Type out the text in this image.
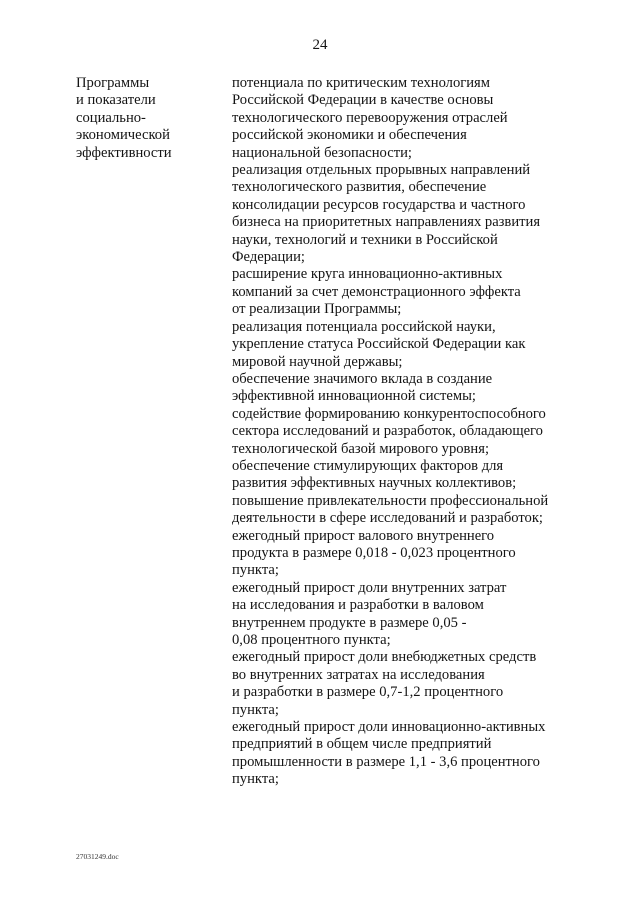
24
Программы
и показатели
социально-
экономической
эффективности
потенциала по критическим технологиям
Российской Федерации в качестве основы
технологического перевооружения отраслей
российской экономики и обеспечения
национальной безопасности;
реализация отдельных прорывных направлений
технологического развития, обеспечение
консолидации ресурсов государства и частного
бизнеса на приоритетных направлениях развития
науки, технологий и техники в Российской
Федерации;
расширение круга инновационно-активных
компаний за счет демонстрационного эффекта
от реализации Программы;
реализация потенциала российской науки,
укрепление статуса Российской Федерации как
мировой научной державы;
обеспечение значимого вклада в создание
эффективной инновационной системы;
содействие формированию конкурентоспособного
сектора исследований и разработок, обладающего
технологической базой мирового уровня;
обеспечение стимулирующих факторов для
развития эффективных научных коллективов;
повышение привлекательности профессиональной
деятельности в сфере исследований и разработок;
ежегодный прирост валового внутреннего
продукта в размере 0,018 - 0,023 процентного
пункта;
ежегодный прирост доли внутренних затрат
на исследования и разработки в валовом
внутреннем продукте в размере 0,05 -
0,08 процентного пункта;
ежегодный прирост доли внебюджетных средств
во внутренних затратах на исследования
и разработки в размере 0,7-1,2 процентного
пункта;
ежегодный прирост доли инновационно-активных
предприятий в общем числе предприятий
промышленности в размере 1,1 - 3,6 процентного
пункта;
27031249.doc
